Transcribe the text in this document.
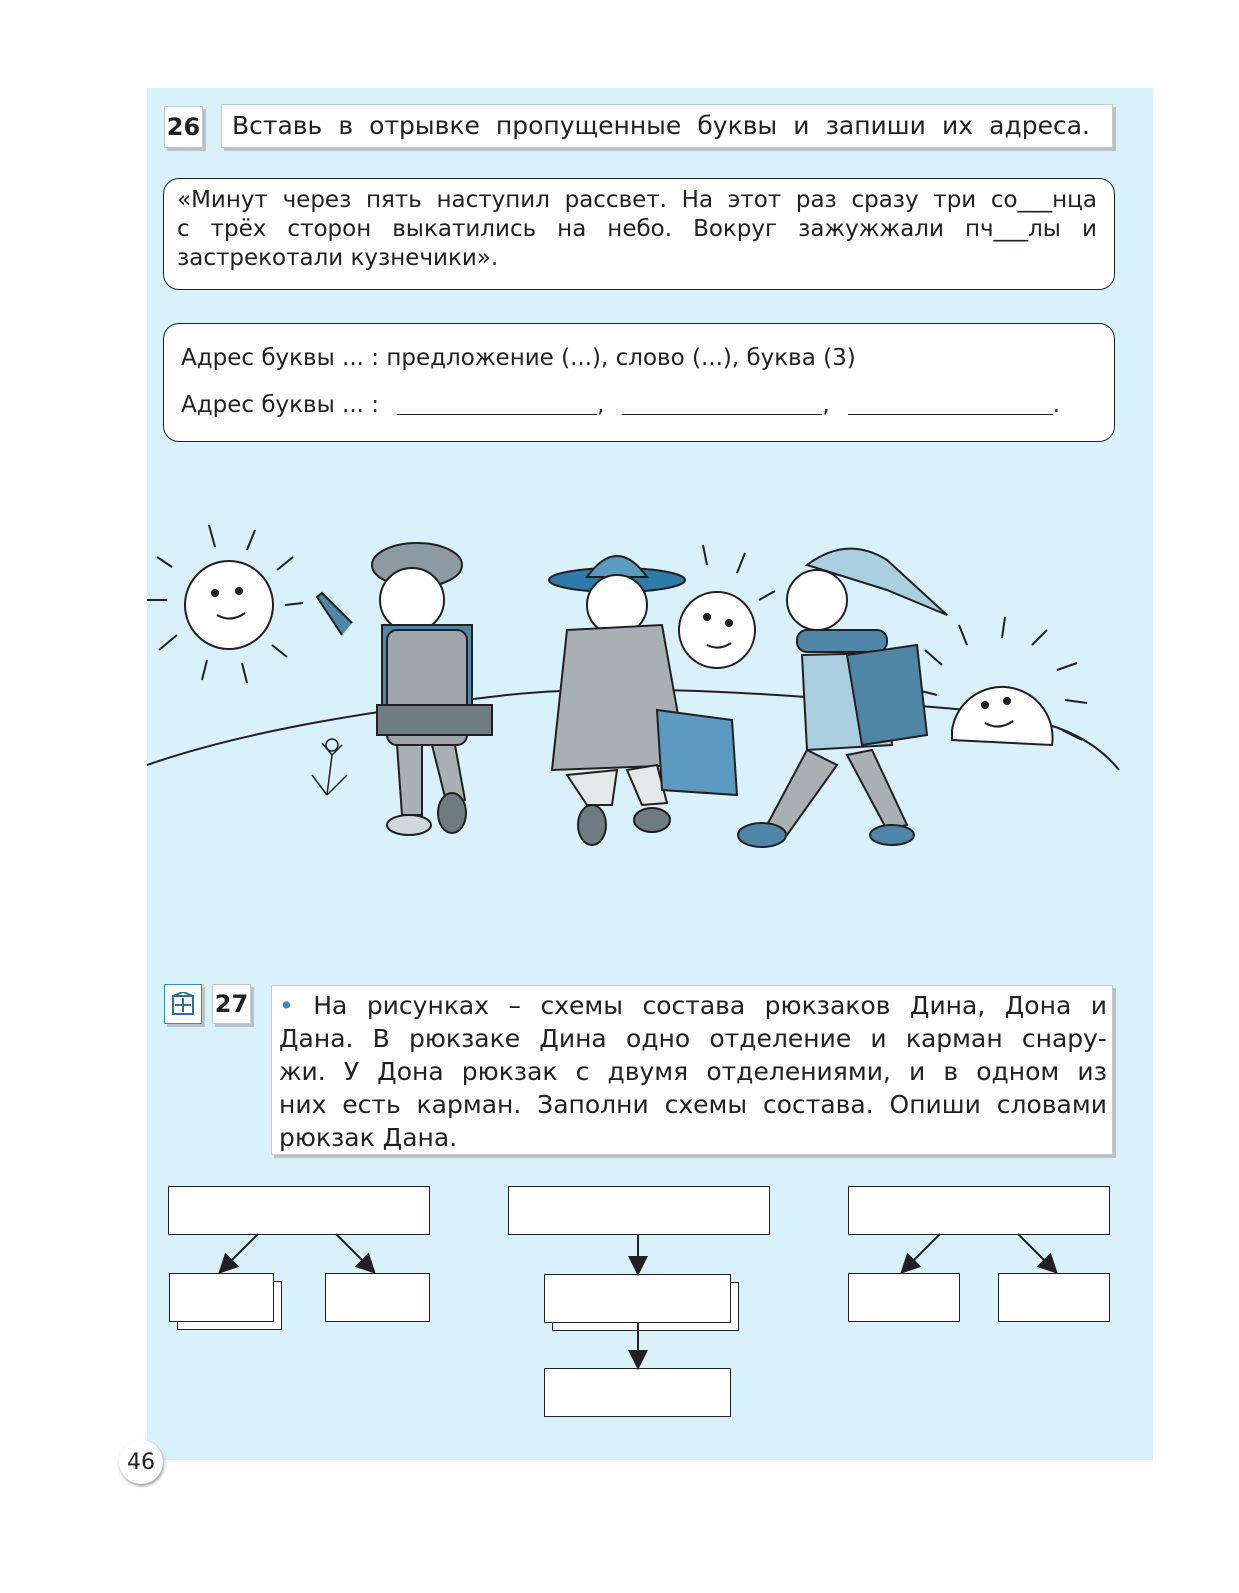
26 Вставь в отрывке пропущенные буквы и запиши их адреса.
«Минут через пять наступил рассвет. На этот раз сразу три со___нца
с трёх сторон выкатились на небо. Вокруг зажужжали пч___лы и
застрекотали кузнечики».
Адрес буквы ... : предложение (...), слово (...), буква (3)
Адрес буквы ... :	,	,	.
27 • На рисунках – схемы состава рюкзаков Дина, Дона и
Дана. В рюкзаке Дина одно отделение и карман снару-
жи. У Дона рюкзак с двумя отделениями, и в одном из
них есть карман. Заполни схемы состава. Опиши словами
рюкзак Дана.
46
